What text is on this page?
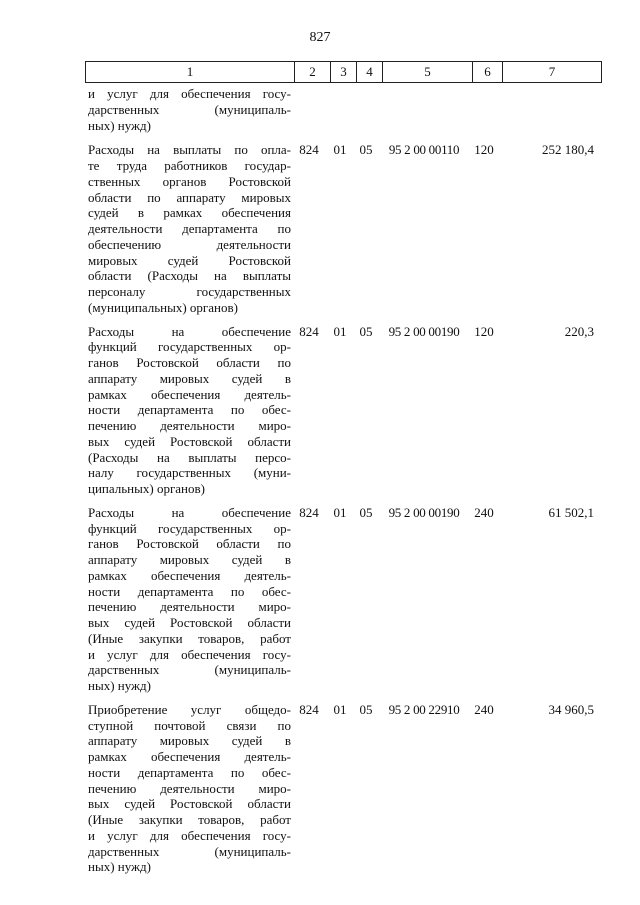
827
1	2	3	4	5	6	7
и услуг для обеспечения госу-
дарственных (муниципаль-
ных) нужд)
Расходы на выплаты по опла-
те труда работников государ-
ственных органов Ростовской
области по аппарату мировых
судей в рамках обеспечения
деятельности департамента по
обеспечению деятельности
мировых судей Ростовской
области (Расходы на выплаты
персоналу государственных
(муниципальных) органов)
824	01	05	95 2 00 00110	120	252 180,4
Расходы на обеспечение
функций государственных ор-
ганов Ростовской области по
аппарату мировых судей в
рамках обеспечения деятель-
ности департамента по обес-
печению деятельности миро-
вых судей Ростовской области
(Расходы на выплаты персо-
налу государственных (муни-
ципальных) органов)
824	01	05	95 2 00 00190	120	220,3
Расходы на обеспечение
функций государственных ор-
ганов Ростовской области по
аппарату мировых судей в
рамках обеспечения деятель-
ности департамента по обес-
печению деятельности миро-
вых судей Ростовской области
(Иные закупки товаров, работ
и услуг для обеспечения госу-
дарственных (муниципаль-
ных) нужд)
824	01	05	95 2 00 00190	240	61 502,1
Приобретение услуг общедо-
ступной почтовой связи по
аппарату мировых судей в
рамках обеспечения деятель-
ности департамента по обес-
печению деятельности миро-
вых судей Ростовской области
(Иные закупки товаров, работ
и услуг для обеспечения госу-
дарственных (муниципаль-
ных) нужд)
824	01	05	95 2 00 22910	240	34 960,5
